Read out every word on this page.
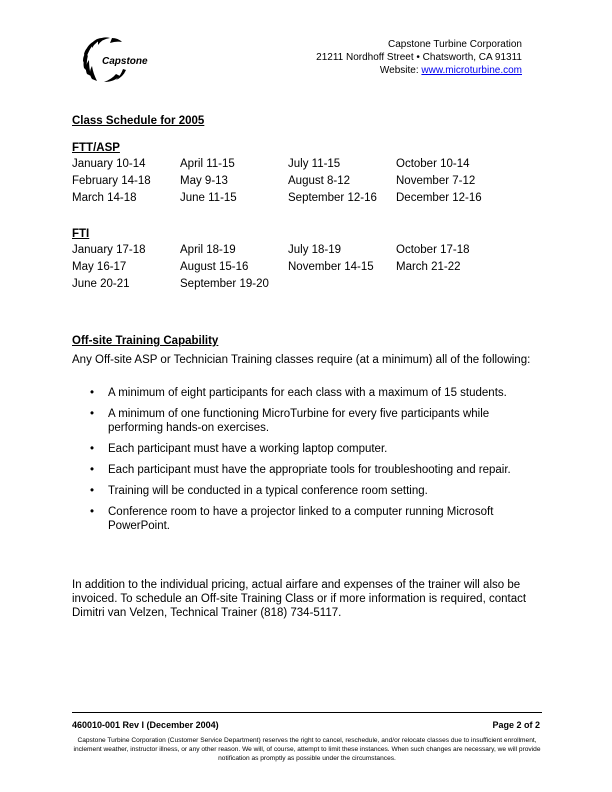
Capstone
Capstone Turbine Corporation
21211 Nordhoff Street • Chatsworth, CA 91311
Website: www.microturbine.com
Class Schedule for 2005
FTT/ASP
January 10-14	April 11-15	July 11-15	October 10-14
February 14-18	May 9-13	August 8-12	November 7-12
March 14-18	June 11-15	September 12-16	December 12-16
FTI
January 17-18	April 18-19	July 18-19	October 17-18
May 16-17	August 15-16	November 14-15	March 21-22
June 20-21	September 19-20		
Off-site Training Capability
Any Off-site ASP or Technician Training classes require (at a minimum) all of the following:
• A minimum of eight participants for each class with a maximum of 15 students.
• A minimum of one functioning MicroTurbine for every five participants while performing hands-on exercises.
• Each participant must have a working laptop computer.
• Each participant must have the appropriate tools for troubleshooting and repair.
• Training will be conducted in a typical conference room setting.
• Conference room to have a projector linked to a computer running Microsoft PowerPoint.
In addition to the individual pricing, actual airfare and expenses of the trainer will also be invoiced. To schedule an Off-site Training Class or if more information is required, contact Dimitri van Velzen, Technical Trainer (818) 734-5117.
460010-001 Rev I (December 2004)	Page 2 of 2
Capstone Turbine Corporation (Customer Service Department) reserves the right to cancel, reschedule, and/or relocate classes due to insufficient enrollment, inclement weather, instructor illness, or any other reason. We will, of course, attempt to limit these instances. When such changes are necessary, we will provide notification as promptly as possible under the circumstances.
